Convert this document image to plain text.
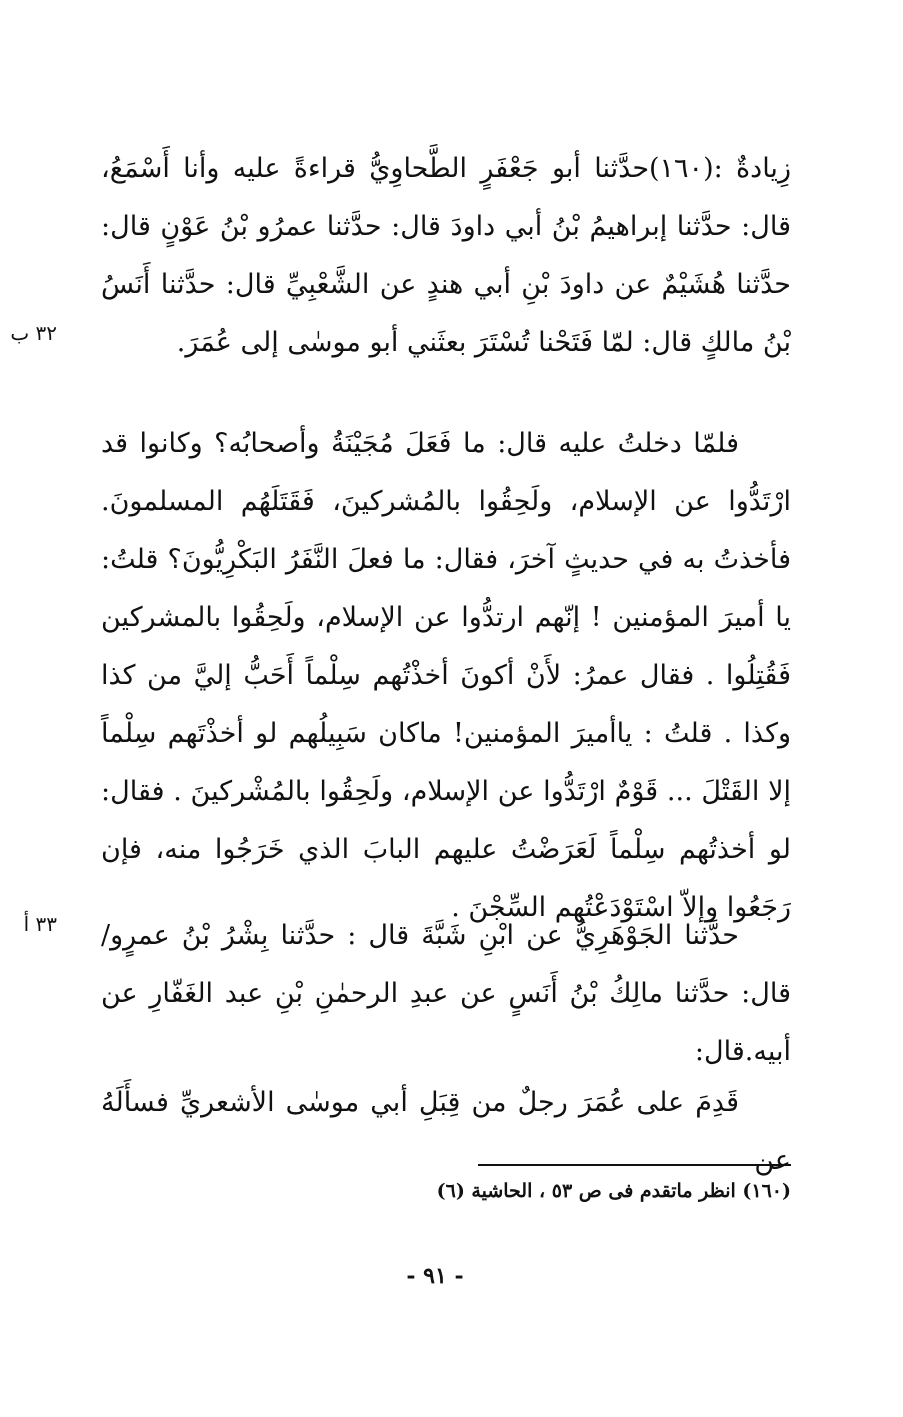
زِيادةٌ :(١٦٠)حدَّثنا أبو جَعْفَرٍ الطَّحاوِيُّ قراءةً عليه وأنا أَسْمَعُ، قال: حدَّثنا إبراهيمُ بْنُ أبي داودَ قال: حدَّثنا عمرُو بْنُ عَوْنٍ قال: حدَّثنا هُشَيْمٌ عن داودَ بْنِ أبي هندٍ عن الشَّعْبِيِّ قال: حدَّثنا أَنَسُ بْنُ مالكٍ قال: لمّا فَتَحْنا تُسْتَرَ بعثَني أبو موسٰى إلى عُمَرَ.

فلمّا دخلتُ عليه قال: ما فَعَلَ مُجَيْنَةُ وأصحابُه؟ وكانوا قد ارْتَدُّوا عن الإسلام، ولَحِقُوا بالمُشركينَ، فَقَتَلَهُم المسلمونَ. فأخذتُ به في حديثٍ آخرَ، فقال: ما فعلَ النَّفَرُ البَكْرِيُّونَ؟ قلتُ: يا أميرَ المؤمنين ! إنّهم ارتدُّوا عن الإسلام، ولَحِقُوا بالمشركين فَقُتِلُوا . فقال عمرُ: لأَنْ أكونَ أخذْتُهم سِلْماً أَحَبُّ إليَّ من كذا وكذا . قلتُ : ياأميرَ المؤمنين! ماكان سَبِيلُهم لو أخذْتَهم سِلْماً إلا القَتْلَ ... قَوْمٌ ارْتَدُّوا عن الإسلام، ولَحِقُوا بالمُشْركينَ . فقال: لو أخذتُهم سِلْماً لَعَرَضْتُ عليهم البابَ الذي خَرَجُوا منه، فإن رَجَعُوا وإلاّ اسْتَوْدَعْتُهم السِّجْنَ .

حدَّثنا الجَوْهَرِيُّ عن ابْنِ شَبَّةَ قال : حدَّثنا بِشْرُ بْنُ عمرٍو/قال: حدَّثنا مالِكُ بْنُ أَنَسٍ عن عبدِ الرحمٰنِ بْنِ عبد الغَفّارِ عن أبيه.قال:

قَدِمَ على عُمَرَ رجلٌ من قِبَلِ أبي موسٰى الأشعريِّ فسأَلَهُ عن

٣٢ ب
٣٣ أ
(١٦٠) انظر ماتقدم فى ص ٥٣ ، الحاشية (٦)
- ٩١ -
